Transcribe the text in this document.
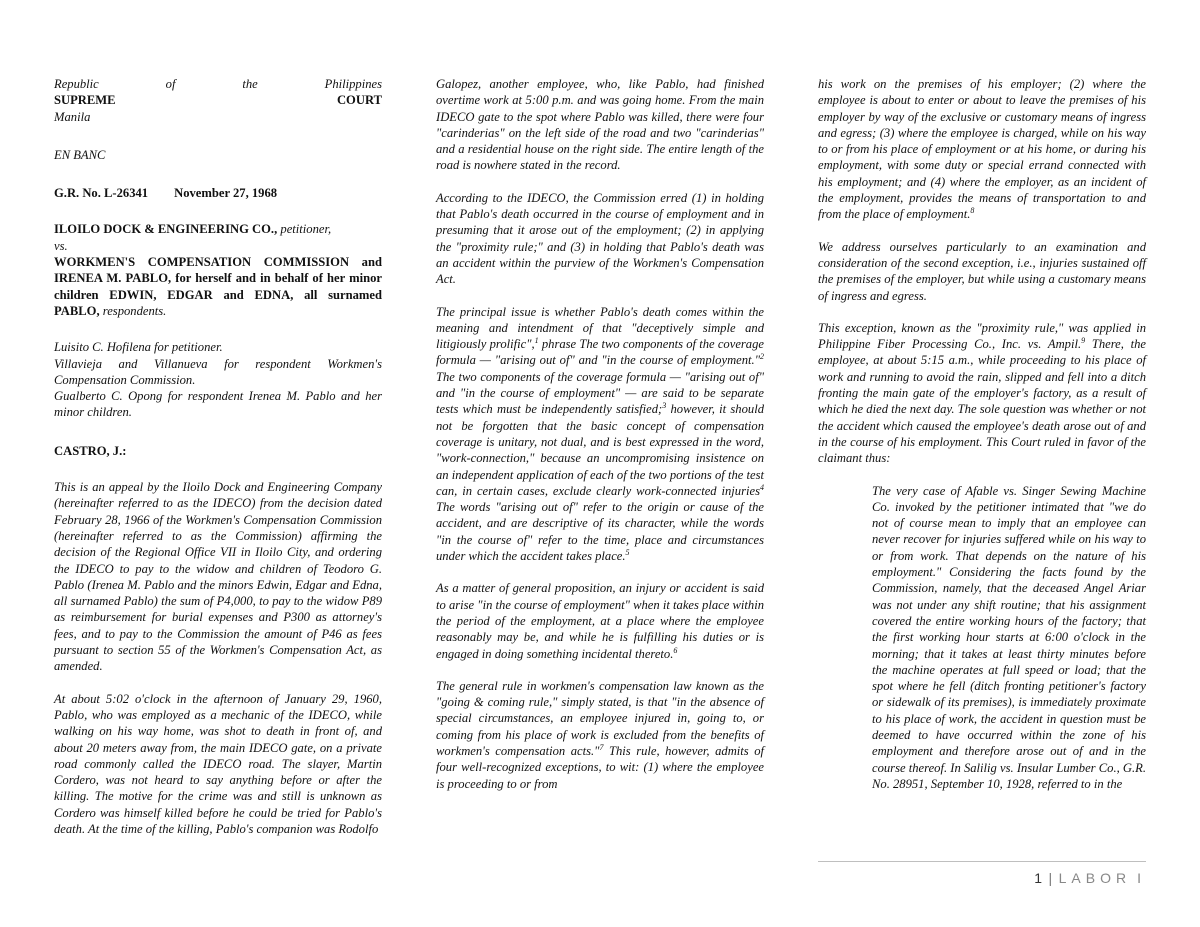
Republic	of	the	Philippines
SUPREME	COURT

Manila

EN BANC

G.R. No. L-26341 November 27, 1968

ILOILO DOCK & ENGINEERING CO., petitioner,

vs.

WORKMEN'S COMPENSATION COMMISSION and IRENEA M. PABLO, for herself and in behalf of her minor children EDWIN, EDGAR and EDNA, all surnamed PABLO, respondents.

Luisito C. Hofilena for petitioner.

Villavieja and Villanueva for respondent Workmen's Compensation Commission.

Gualberto C. Opong for respondent Irenea M. Pablo and her minor children.

CASTRO, J.:

This is an appeal by the Iloilo Dock and Engineering Company (hereinafter referred to as the IDECO) from the decision dated February 28, 1966 of the Workmen's Compensation Commission (hereinafter referred to as the Commission) affirming the decision of the Regional Office VII in Iloilo City, and ordering the IDECO to pay to the widow and children of Teodoro G. Pablo (Irenea M. Pablo and the minors Edwin, Edgar and Edna, all surnamed Pablo) the sum of P4,000, to pay to the widow P89 as reimbursement for burial expenses and P300 as attorney's fees, and to pay to the Commission the amount of P46 as fees pursuant to section 55 of the Workmen's Compensation Act, as amended.

At about 5:02 o'clock in the afternoon of January 29, 1960, Pablo, who was employed as a mechanic of the IDECO, while walking on his way home, was shot to death in front of, and about 20 meters away from, the main IDECO gate, on a private road commonly called the IDECO road. The slayer, Martin Cordero, was not heard to say anything before or after the killing. The motive for the crime was and still is unknown as Cordero was himself killed before he could be tried for Pablo's death. At the time of the killing, Pablo's companion was Rodolfo

Galopez, another employee, who, like Pablo, had finished overtime work at 5:00 p.m. and was going home. From the main IDECO gate to the spot where Pablo was killed, there were four "carinderias" on the left side of the road and two "carinderias" and a residential house on the right side. The entire length of the road is nowhere stated in the record.

According to the IDECO, the Commission erred (1) in holding that Pablo's death occurred in the course of employment and in presuming that it arose out of the employment; (2) in applying the "proximity rule;" and (3) in holding that Pablo's death was an accident within the purview of the Workmen's Compensation Act.

The principal issue is whether Pablo's death comes within the meaning and intendment of that "deceptively simple and litigiously prolific",$^1$ phrase The two components of the coverage formula — "arising out of" and "in the course of employment."$^2$ The two components of the coverage formula — "arising out of" and "in the course of employment" — are said to be separate tests which must be independently satisfied;$^3$ however, it should not be forgotten that the basic concept of compensation coverage is unitary, not dual, and is best expressed in the word, "work-connection," because an uncompromising insistence on an independent application of each of the two portions of the test can, in certain cases, exclude clearly work-connected injuries$^4$ The words "arising out of" refer to the origin or cause of the accident, and are descriptive of its character, while the words "in the course of" refer to the time, place and circumstances under which the accident takes place.$^5$

As a matter of general proposition, an injury or accident is said to arise "in the course of employment" when it takes place within the period of the employment, at a place where the employee reasonably may be, and while he is fulfilling his duties or is engaged in doing something incidental thereto.$^6$

The general rule in workmen's compensation law known as the "going & coming rule," simply stated, is that "in the absence of special circumstances, an employee injured in, going to, or coming from his place of work is excluded from the benefits of workmen's compensation acts."$^7$ This rule, however, admits of four well-recognized exceptions, to wit: (1) where the employee is proceeding to or from

his work on the premises of his employer; (2) where the employee is about to enter or about to leave the premises of his employer by way of the exclusive or customary means of ingress and egress; (3) where the employee is charged, while on his way to or from his place of employment or at his home, or during his employment, with some duty or special errand connected with his employment; and (4) where the employer, as an incident of the employment, provides the means of transportation to and from the place of employment.$^8$

We address ourselves particularly to an examination and consideration of the second exception, i.e., injuries sustained off the premises of the employer, but while using a customary means of ingress and egress.

This exception, known as the "proximity rule," was applied in Philippine Fiber Processing Co., Inc. vs. Ampil.$^9$ There, the employee, at about 5:15 a.m., while proceeding to his place of work and running to avoid the rain, slipped and fell into a ditch fronting the main gate of the employer's factory, as a result of which he died the next day. The sole question was whether or not the accident which caused the employee's death arose out of and in the course of his employment. This Court ruled in favor of the claimant thus:

The very case of Afable vs. Singer Sewing Machine Co. invoked by the petitioner intimated that "we do not of course mean to imply that an employee can never recover for injuries suffered while on his way to or from work. That depends on the nature of his employment." Considering the facts found by the Commission, namely, that the deceased Angel Ariar was not under any shift routine; that his assignment covered the entire working hours of the factory; that the first working hour starts at 6:00 o'clock in the morning; that it takes at least thirty minutes before the machine operates at full speed or load; that the spot where he fell (ditch fronting petitioner's factory or sidewalk of its premises), is immediately proximate to his place of work, the accident in question must be deemed to have occurred within the zone of his employment and therefore arose out of and in the course thereof. In Salilig vs. Insular Lumber Co., G.R. No. 28951, September 10, 1928, referred to in the

1 | LABOR I
